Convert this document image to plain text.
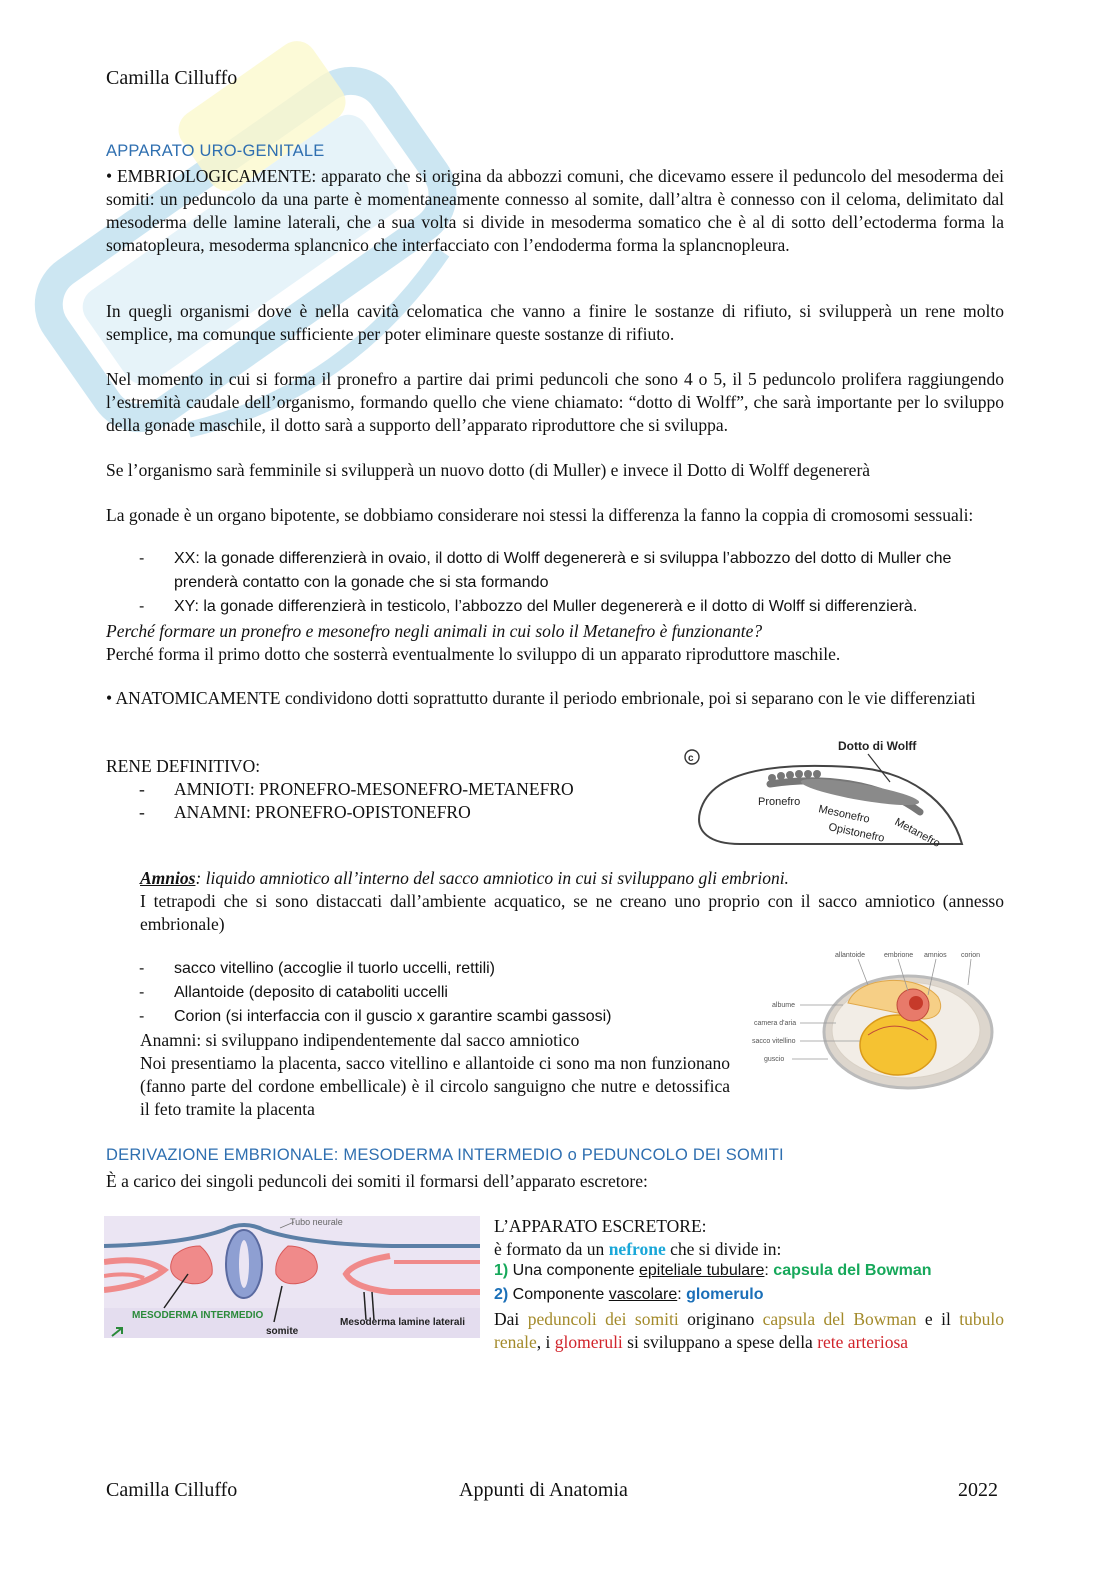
Camilla Cilluffo
APPARATO URO-GENITALE
• EMBRIOLOGICAMENTE: apparato che si origina da abbozzi comuni, che dicevamo essere il peduncolo del mesoderma dei somiti: un peduncolo da una parte è momentaneamente connesso al somite, dall’altra è connesso con il celoma, delimitato dal mesoderma delle lamine laterali, che a sua volta si divide in mesoderma somatico che è al di sotto dell’ectoderma forma la somatopleura, mesoderma splancnico che interfacciato con l’endoderma forma la splancnopleura.

In quegli organismi dove è nella cavità celomatica che vanno a finire le sostanze di rifiuto, si svilupperà un rene molto semplice, ma comunque sufficiente per poter eliminare queste sostanze di rifiuto.

Nel momento in cui si forma il pronefro a partire dai primi peduncoli che sono 4 o 5, il 5 peduncolo prolifera raggiungendo l’estremità caudale dell’organismo, formando quello che viene chiamato: “dotto di Wolff”, che sarà importante per lo sviluppo della gonade maschile, il dotto sarà a supporto dell’apparato riproduttore che si sviluppa.

Se l’organismo sarà femminile si svilupperà un nuovo dotto (di Muller) e invece il Dotto di Wolff degenererà

La gonade è un organo bipotente, se dobbiamo considerare noi stessi la differenza la fanno la coppia di cromosomi sessuali:

- XX: la gonade differenzierà in ovaio, il dotto di Wolff degenererà e si sviluppa l’abbozzo del dotto di Muller che prenderà contatto con la gonade che si sta formando
- XY: la gonade differenzierà in testicolo, l’abbozzo del Muller degenererà e il dotto di Wolff si differenzierà.

Perché formare un pronefro e mesonefro negli animali in cui solo il Metanefro è funzionante?

Perché forma il primo dotto che sosterrà eventualmente lo sviluppo di un apparato riproduttore maschile.

• ANATOMICAMENTE condividono dotti soprattutto durante il periodo embrionale, poi si separano con le vie differenziati

RENE DEFINITIVO:

- AMNIOTI: PRONEFRO-MESONEFRO-METANEFRO
- ANAMNI: PRONEFRO-OPISTONEFRO
c
Dotto di Wolff
Pronefro
Mesonefro
Opistonefro Metanefro
Amnios: liquido amniotico all’interno del sacco amniotico in cui si sviluppano gli embrioni.

I tetrapodi che si sono distaccati dall’ambiente acquatico, se ne creano uno proprio con il sacco amniotico (annesso embrionale)

- sacco vitellino (accoglie il tuorlo uccelli, rettili)
- Allantoide (deposito di cataboliti uccelli
- Corion (si interfaccia con il guscio x garantire scambi gassosi)

Anamni: si sviluppano indipendentemente dal sacco amniotico

Noi presentiamo la placenta, sacco vitellino e allantoide ci sono ma non funzionano (fanno parte del cordone embellicale) è il circolo sanguigno che nutre e detossifica il feto tramite la placenta

allantoide	embrione amnios corion
albume
camera d'aria
sacco vitellino
guscio
DERIVAZIONE EMBRIONALE: MESODERMA INTERMEDIO o PEDUNCOLO DEI SOMITI

È a carico dei singoli peduncoli dei somiti il formarsi dell’apparato escretore:

Tubo neurale
MESODERMA INTERMEDIO
somite
Mesoderma lamine laterali

L’APPARATO ESCRETORE:

è formato da un nefrone che si divide in:

1) Una componente epiteliale tubulare: capsula del Bowman

2) Componente vascolare: glomerulo

Dai peduncoli dei somiti originano capsula del Bowman e il tubulo renale, i glomeruli si sviluppano a spese della rete arteriosa

Camilla Cilluffo	Appunti di Anatomia	2022
